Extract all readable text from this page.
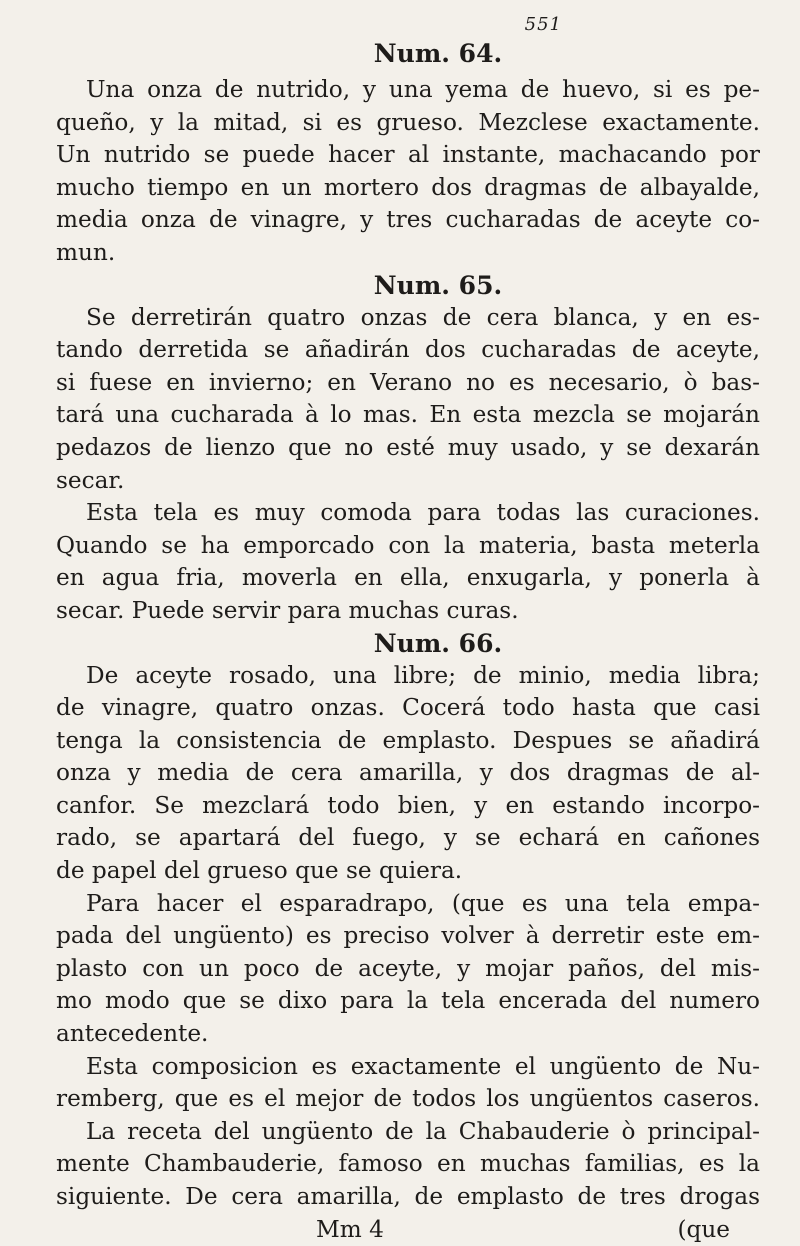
551
Num. 64.
Una onza de nutrido, y una yema de huevo, si es pe-
queño, y la mitad, si es grueso. Mezclese exactamente.
Un nutrido se puede hacer al instante, machacando por
mucho tiempo en un mortero dos dragmas de albayalde,
media onza de vinagre, y tres cucharadas de aceyte co-
mun.
Num. 65.
Se derretirán quatro onzas de cera blanca, y en es-
tando derretida se añadirán dos cucharadas de aceyte,
si fuese en invierno; en Verano no es necesario, ò bas-
tará una cucharada à lo mas. En esta mezcla se mojarán
pedazos de lienzo que no esté muy usado, y se dexarán
secar.
Esta tela es muy comoda para todas las curaciones.
Quando se ha emporcado con la materia, basta meterla
en agua fria, moverla en ella, enxugarla, y ponerla à
secar. Puede servir para muchas curas.
Num. 66.
De aceyte rosado, una libre; de minio, media libra;
de vinagre, quatro onzas. Cocerá todo hasta que casi
tenga la consistencia de emplasto. Despues se añadirá
onza y media de cera amarilla, y dos dragmas de al-
canfor. Se mezclará todo bien, y en estando incorpo-
rado, se apartará del fuego, y se echará en cañones
de papel del grueso que se quiera.
Para hacer el esparadrapo, (que es una tela empa-
pada del ungüento) es preciso volver à derretir este em-
plasto con un poco de aceyte, y mojar paños, del mis-
mo modo que se dixo para la tela encerada del numero
antecedente.
Esta composicion es exactamente el ungüento de Nu-
remberg, que es el mejor de todos los ungüentos caseros.
La receta del ungüento de la Chabauderie ò principal-
mente Chambauderie, famoso en muchas familias, es la
siguiente. De cera amarilla, de emplasto de tres drogas
Mm 4	(que
